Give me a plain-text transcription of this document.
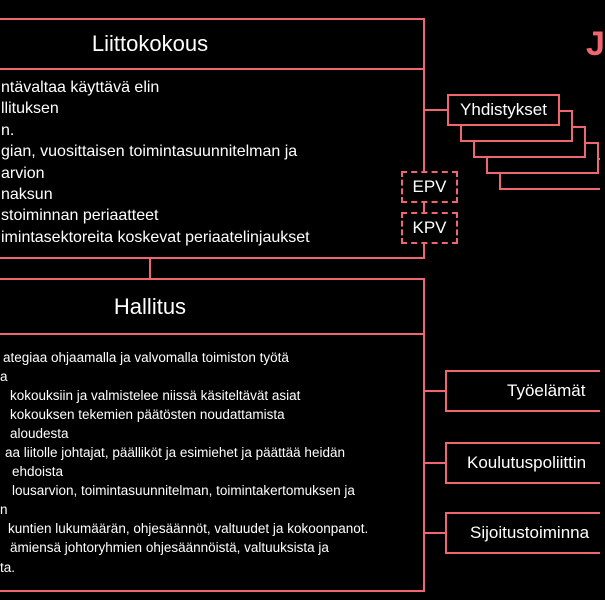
J
Liittokokous
ntävaltaa käyttävä elin
llituksen
n.
gian, vuosittaisen toimintasuunnitelman ja
arvion
naksun
stoiminnan periaatteet
imintasektoreita koskevat periaatelinjaukset
Yhdistykset
EPV
KPV
Hallitus
ategiaa ohjaamalla ja valvomalla toimiston työtä
a
kokouksiin ja valmistelee niissä käsiteltävät asiat
kokouksen tekemien päätösten noudattamista
aloudesta
aa liitolle johtajat, päälliköt ja esimiehet ja päättää heidän
ehdoista
lousarvion, toimintasuunnitelman, toimintakertomuksen ja
n
kuntien lukumäärän, ohjesäännöt, valtuudet ja kokoonpanot.
ämiensä johtoryhmien ohjesäännöistä, valtuuksista ja
ta.
Työelämät
Koulutuspoliittin
Sijoitustoiminna
